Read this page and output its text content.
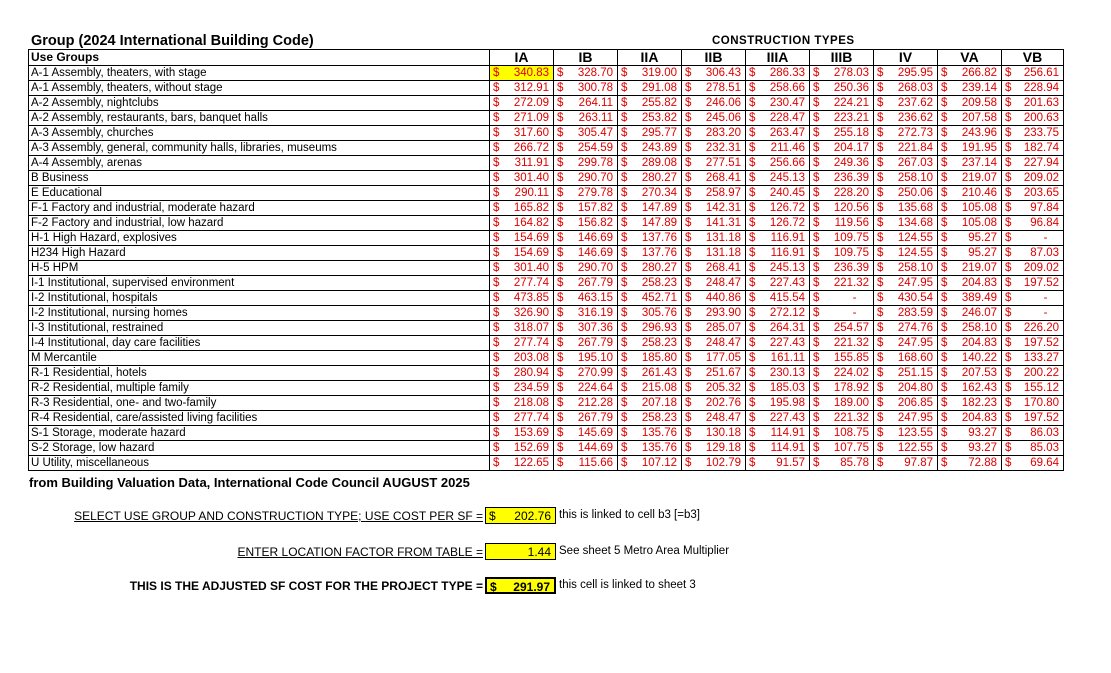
Group (2024 International Building Code)	CONSTRUCTION TYPES
Use Groups	IA	IB	IIA	IIB	IIIA	IIIB	IV	VA	VB
A-1 Assembly, theaters, with stage	$ 340.83	$ 328.70	$ 319.00	$ 306.43	$ 286.33	$ 278.03	$ 295.95	$ 266.82	$ 256.61

A-1 Assembly, theaters, without stage	$ 312.91	$ 300.78	$ 291.08	$ 278.51	$ 258.66	$ 250.36	$ 268.03	$ 239.14	$ 228.94

A-2 Assembly, nightclubs	$ 272.09	$ 264.11	$ 255.82	$ 246.06	$ 230.47	$ 224.21	$ 237.62	$ 209.58	$ 201.63

A-2 Assembly, restaurants, bars, banquet halls	$ 271.09	$ 263.11	$ 253.82	$ 245.06	$ 228.47	$ 223.21	$ 236.62	$ 207.58	$ 200.63

A-3 Assembly, churches	$ 317.60	$ 305.47	$ 295.77	$ 283.20	$ 263.47	$ 255.18	$ 272.73	$ 243.96	$ 233.75

A-3 Assembly, general, community halls, libraries, museums	$ 266.72	$ 254.59	$ 243.89	$ 232.31	$ 211.46	$ 204.17	$ 221.84	$ 191.95	$ 182.74

A-4 Assembly, arenas	$ 311.91	$ 299.78	$ 289.08	$ 277.51	$ 256.66	$ 249.36	$ 267.03	$ 237.14	$ 227.94

B Business	$ 301.40	$ 290.70	$ 280.27	$ 268.41	$ 245.13	$ 236.39	$ 258.10	$ 219.07	$ 209.02

E Educational	$ 290.11	$ 279.78	$ 270.34	$ 258.97	$ 240.45	$ 228.20	$ 250.06	$ 210.46	$ 203.65

F-1 Factory and industrial, moderate hazard	$ 165.82	$ 157.82	$ 147.89	$ 142.31	$ 126.72	$ 120.56	$ 135.68	$ 105.08	$ 97.84

F-2 Factory and industrial, low hazard	$ 164.82	$ 156.82	$ 147.89	$ 141.31	$ 126.72	$ 119.56	$ 134.68	$ 105.08	$ 96.84

H-1 High Hazard, explosives	$ 154.69	$ 146.69	$ 137.76	$ 131.18	$ 116.91	$ 109.75	$ 124.55	$ 95.27	$ -

H234 High Hazard	$ 154.69	$ 146.69	$ 137.76	$ 131.18	$ 116.91	$ 109.75	$ 124.55	$ 95.27	$ 87.03

H-5 HPM	$ 301.40	$ 290.70	$ 280.27	$ 268.41	$ 245.13	$ 236.39	$ 258.10	$ 219.07	$ 209.02

I-1 Institutional, supervised environment	$ 277.74	$ 267.79	$ 258.23	$ 248.47	$ 227.43	$ 221.32	$ 247.95	$ 204.83	$ 197.52

I-2 Institutional, hospitals	$ 473.85	$ 463.15	$ 452.71	$ 440.86	$ 415.54	$ -	$ 430.54	$ 389.49	$ -

I-2 Institutional, nursing homes	$ 326.90	$ 316.19	$ 305.76	$ 293.90	$ 272.12	$ -	$ 283.59	$ 246.07	$ -

I-3 Institutional, restrained	$ 318.07	$ 307.36	$ 296.93	$ 285.07	$ 264.31	$ 254.57	$ 274.76	$ 258.10	$ 226.20

I-4 Institutional, day care facilities	$ 277.74	$ 267.79	$ 258.23	$ 248.47	$ 227.43	$ 221.32	$ 247.95	$ 204.83	$ 197.52

M Mercantile	$ 203.08	$ 195.10	$ 185.80	$ 177.05	$ 161.11	$ 155.85	$ 168.60	$ 140.22	$ 133.27

R-1 Residential, hotels	$ 280.94	$ 270.99	$ 261.43	$ 251.67	$ 230.13	$ 224.02	$ 251.15	$ 207.53	$ 200.22

R-2 Residential, multiple family	$ 234.59	$ 224.64	$ 215.08	$ 205.32	$ 185.03	$ 178.92	$ 204.80	$ 162.43	$ 155.12

R-3 Residential, one- and two-family	$ 218.08	$ 212.28	$ 207.18	$ 202.76	$ 195.98	$ 189.00	$ 206.85	$ 182.23	$ 170.80

R-4 Residential, care/assisted living facilities	$ 277.74	$ 267.79	$ 258.23	$ 248.47	$ 227.43	$ 221.32	$ 247.95	$ 204.83	$ 197.52

S-1 Storage, moderate hazard	$ 153.69	$ 145.69	$ 135.76	$ 130.18	$ 114.91	$ 108.75	$ 123.55	$ 93.27	$ 86.03

S-2 Storage, low hazard	$ 152.69	$ 144.69	$ 135.76	$ 129.18	$ 114.91	$ 107.75	$ 122.55	$ 93.27	$ 85.03

U Utility, miscellaneous	$ 122.65	$ 115.66	$ 107.12	$ 102.79	$ 91.57	$ 85.78	$ 97.87	$ 72.88	$ 69.64
from Building Valuation Data, International Code Council AUGUST 2025
SELECT USE GROUP AND CONSTRUCTION TYPE; USE COST PER SF = $ 202.76 this is linked to cell b3 [=b3]
ENTER LOCATION FACTOR FROM TABLE =	1.44 See sheet 5 Metro Area Multiplier
THIS IS THE ADJUSTED SF COST FOR THE PROJECT TYPE = $ 291.97 this cell is linked to sheet 3
